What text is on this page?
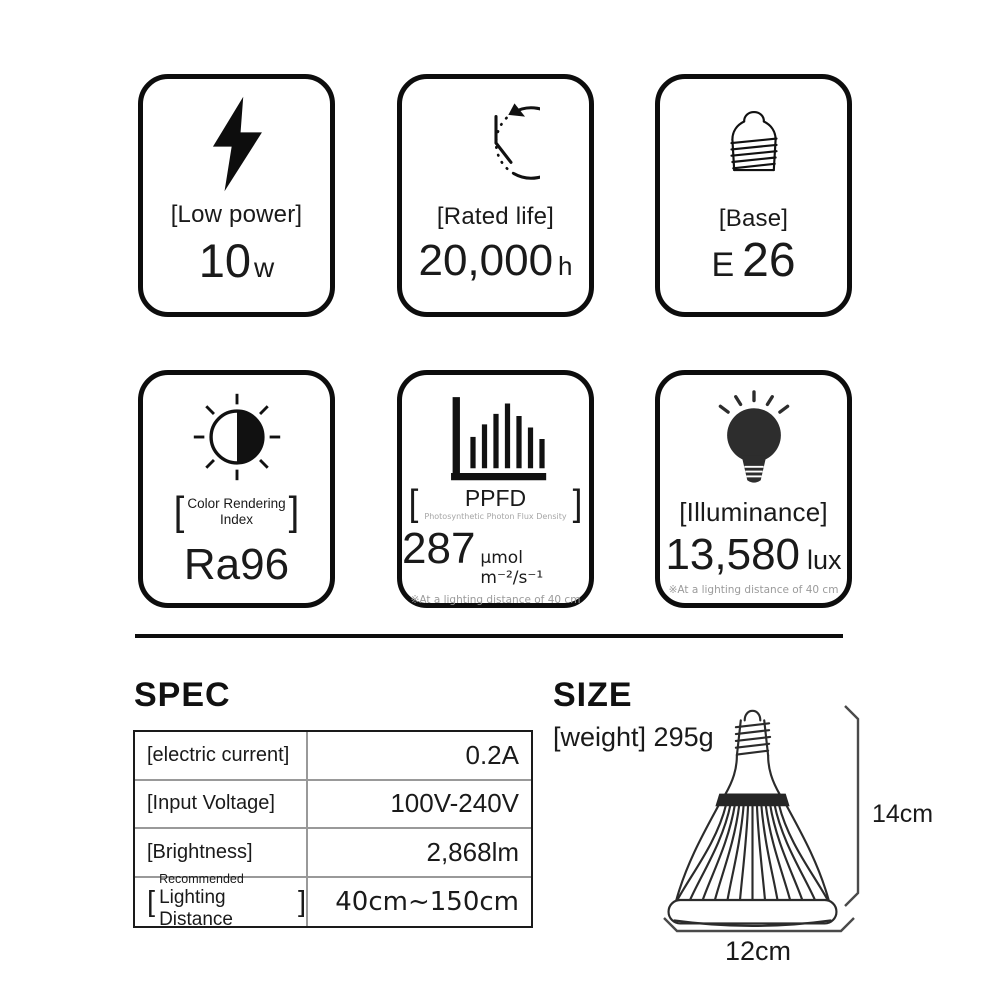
[Low power]
10 w
[Rated life]
20,000 h
[Base]
E 26
[ Color Rendering
Index ]
Ra96
[ PPFD
Photosynthetic Photon Flux Density ]
287 μmol m⁻²/s⁻¹
※At a lighting distance of 40 cm
[Illuminance]
13,580 lux
※At a lighting distance of 40 cm
SPEC
[electric current]	0.2A
[Input Voltage]	100V-240V
[Brightness]	2,868lm
[
Recommended
Lighting Distance
]	40cm~150cm
SIZE
[weight] 295g
14cm
12cm
